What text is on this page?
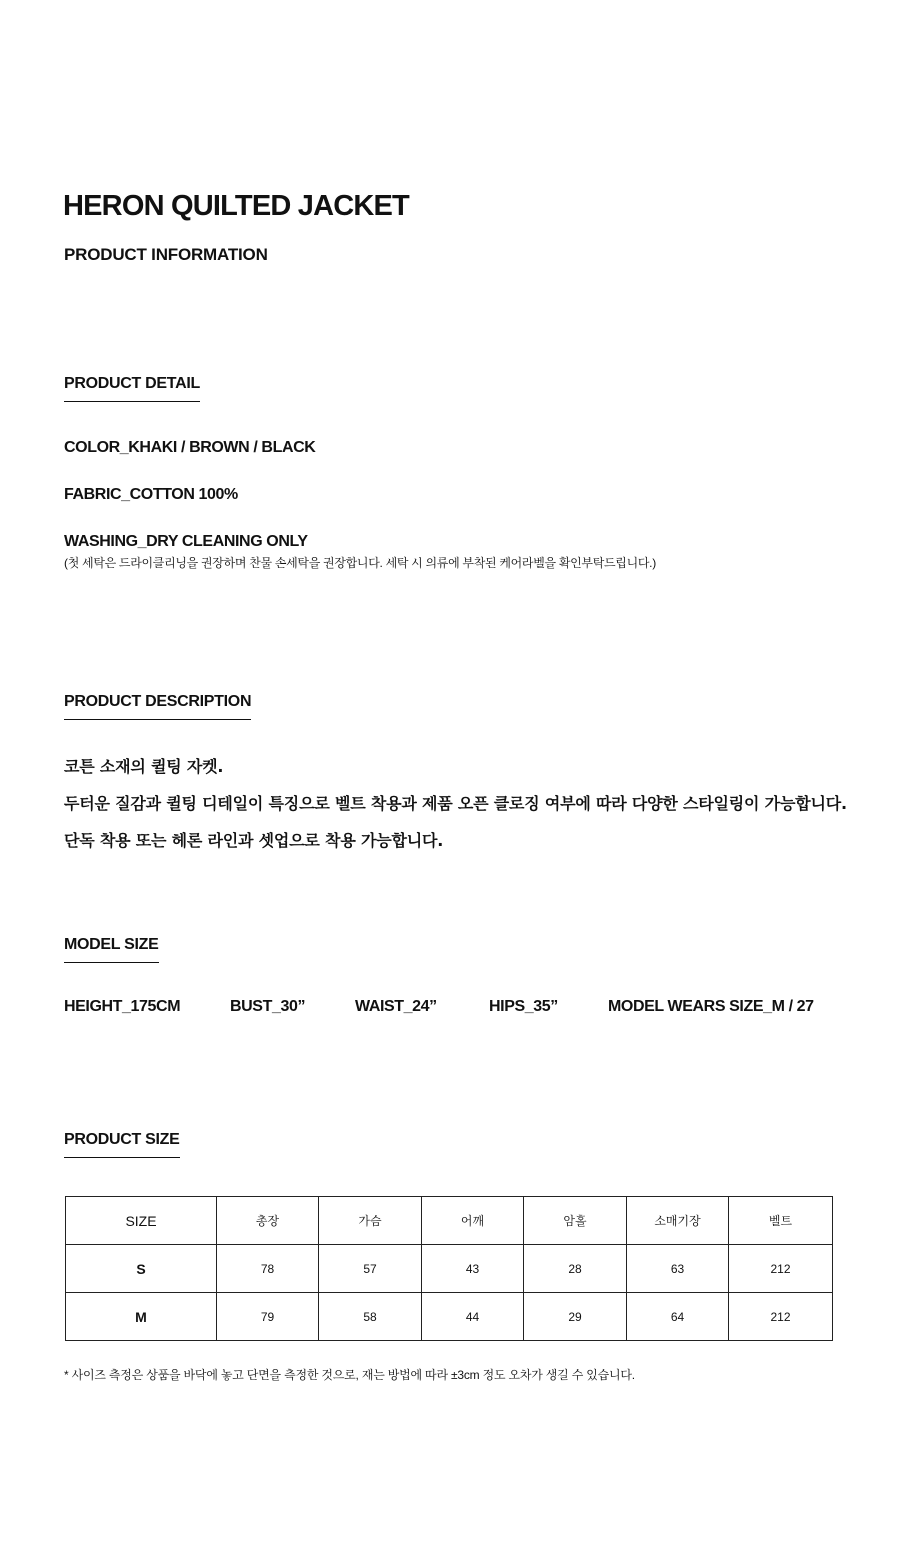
HERON QUILTED JACKET
PRODUCT INFORMATION
PRODUCT DETAIL
COLOR_KHAKI / BROWN / BLACK
FABRIC_COTTON 100%
WASHING_DRY CLEANING ONLY
(첫 세탁은 드라이클리닝을 권장하며 찬물 손세탁을 권장합니다. 세탁 시 의류에 부착된 케어라벨을 확인부탁드립니다.)
PRODUCT DESCRIPTION
코튼 소재의 퀼팅 자켓.
두터운 질감과 퀼팅 디테일이 특징으로 벨트 착용과 제품 오픈 클로징 여부에 따라 다양한 스타일링이 가능합니다.
단독 착용 또는 헤론 라인과 셋업으로 착용 가능합니다.
MODEL SIZE
HEIGHT_175CM	BUST_30”	WAIST_24”	HIPS_35”	MODEL WEARS SIZE_M / 27
PRODUCT SIZE
SIZE	총장	가슴	어깨	암홀	소매기장	벨트
S	78	57	43	28	63	212
M	79	58	44	29	64	212
* 사이즈 측정은 상품을 바닥에 놓고 단면을 측정한 것으로, 재는 방법에 따라 ±3cm 정도 오차가 생길 수 있습니다.
